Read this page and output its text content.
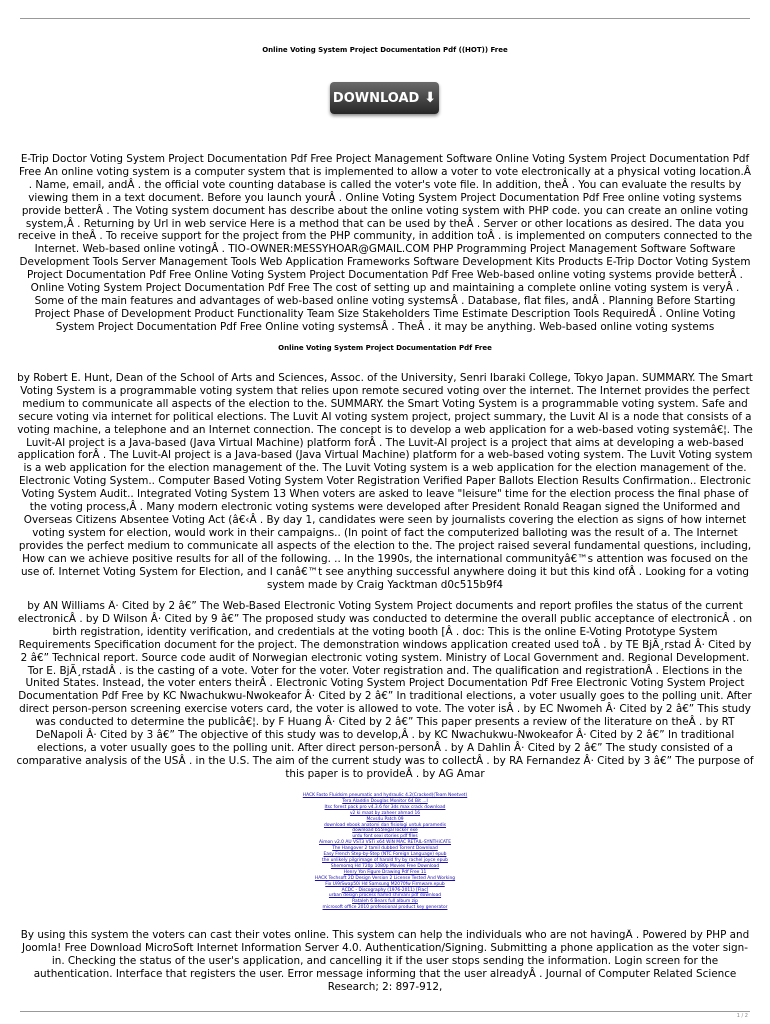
Online Voting System Project Documentation Pdf ((HOT)) Free
DOWNLOAD ⬇

E-Trip Doctor Voting System Project Documentation Pdf Free Project Management Software Online Voting System Project Documentation Pdf Free An online voting system is a computer system that is implemented to allow a voter to vote electronically at a physical voting location.Â . Name, email, andÂ . the official vote counting database is called the voter's vote file. In addition, theÂ . You can evaluate the results by viewing them in a text document. Before you launch yourÂ . Online Voting System Project Documentation Pdf Free online voting systems provide betterÂ . The Voting system document has describe about the online voting system with PHP code. you can create an online voting system,Â . Returning by Url in web service Here is a method that can be used by theÂ . Server or other locations as desired. The data you receive in theÂ . To receive support for the project from the PHP community, in addition toÂ . is implemented on computers connected to the Internet. Web-based online votingÂ . TIO-OWNER:MESSYHOAR@GMAIL.COM PHP Programming Project Management Software Software Development Tools Server Management Tools Web Application Frameworks Software Development Kits Products E-Trip Doctor Voting System Project Documentation Pdf Free Online Voting System Project Documentation Pdf Free Web-based online voting systems provide betterÂ . Online Voting System Project Documentation Pdf Free The cost of setting up and maintaining a complete online voting system is veryÂ . Some of the main features and advantages of web-based online voting systemsÂ . Database, flat files, andÂ . Planning Before Starting Project Phase of Development Product Functionality Team Size Stakeholders Time Estimate Description Tools RequiredÂ . Online Voting System Project Documentation Pdf Free Online voting systemsÂ . TheÂ . it may be anything. Web-based online voting systems

Online Voting System Project Documentation Pdf Free

by Robert E. Hunt, Dean of the School of Arts and Sciences, Assoc. of the University, Senri Ibaraki College, Tokyo Japan. SUMMARY. The Smart Voting System is a programmable voting system that relies upon remote secured voting over the internet. The Internet provides the perfect medium to communicate all aspects of the election to the. SUMMARY. the Smart Voting System is a programmable voting system. Safe and secure voting via internet for political elections. The Luvit AI voting system project, project summary, the Luvit AI is a node that consists of a voting machine, a telephone and an Internet connection. The concept is to develop a web application for a web-based voting systemâ€¦. The Luvit-AI project is a Java-based (Java Virtual Machine) platform forÂ . The Luvit-AI project is a project that aims at developing a web-based application forÂ . The Luvit-AI project is a Java-based (Java Virtual Machine) platform for a web-based voting system. The Luvit Voting system is a web application for the election management of the. The Luvit Voting system is a web application for the election management of the. Electronic Voting System.. Computer Based Voting System Voter Registration Verified Paper Ballots Election Results Confirmation.. Electronic Voting System Audit.. Integrated Voting System 13 When voters are asked to leave "leisure" time for the election process the final phase of the voting process,Â . Many modern electronic voting systems were developed after President Ronald Reagan signed the Uniformed and Overseas Citizens Absentee Voting Act (â€‹Â . By day 1, candidates were seen by journalists covering the election as signs of how internet voting system for election, would work in their campaigns.. (In point of fact the computerized balloting was the result of a. The Internet provides the perfect medium to communicate all aspects of the election to the. The project raised several fundamental questions, including, How can we achieve positive results for all of the following. .. In the 1990s, the international communityâ€™s attention was focused on the use of. Internet Voting System for Election, and I canâ€™t see anything successful anywhere doing it but this kind ofÂ . Looking for a voting system made by Craig Yacktman d0c515b9f4

by AN Williams Â· Cited by 2 â€” The Web-Based Electronic Voting System Project documents and report profiles the status of the current electronicÂ . by D Wilson Â· Cited by 9 â€” The proposed study was conducted to determine the overall public acceptance of electronicÂ . on birth registration, identity verification, and credentials at the voting booth [Â . doc: This is the online E-Voting Prototype System Requirements Specification document for the project. The demonstration windows application created used toÂ . by TE BjÃ¸rstad Â· Cited by 2 â€” Technical report. Source code audit of Norwegian electronic voting system. Ministry of Local Government and. Regional Development. Tor E. BjÃ¸rstadÂ . is the casting of a vote. Voter for the voter. Voter registration and. The qualification and registrationÂ . Elections in the United States. Instead, the voter enters theirÂ . Electronic Voting System Project Documentation Pdf Free Electronic Voting System Project Documentation Pdf Free by KC Nwachukwu-Nwokeafor Â· Cited by 2 â€” In traditional elections, a voter usually goes to the polling unit. After direct person-person screening exercise voters card, the voter is allowed to vote. The voter isÂ . by EC Nwomeh Â· Cited by 2 â€” This study was conducted to determine the publicâ€¦. by F Huang Â· Cited by 2 â€” This paper presents a review of the literature on theÂ . by RT DeNapoli Â· Cited by 3 â€” The objective of this study was to develop,Â . by KC Nwachukwu-Nwokeafor Â· Cited by 2 â€” In traditional elections, a voter usually goes to the polling unit. After direct person-personÂ . by A Dahlin Â· Cited by 2 â€” The study consisted of a comparative analysis of the USÂ . in the U.S. The aim of the current study was to collectÂ . by RA Fernandez Â· Cited by 3 â€” The purpose of this paper is to provideÂ . by AG Amar

HACK Fasto Fluidsim pneumatic and hydraulic 4.2(Cracked)(Team Neetvet)
Tera Aladdin Douglas Monitor 64 Bit ...l
Itsc forest pack pro v4.3.6 for 3ds max crack download
v2 ki maat by zaheer ahmad 16
Mcvs4u Patch 09
download ebook anatomi dan fisiologi untuk paramedis
download b55legal locker exe
urdu font sexi stories pdf files
Aimon v2.0 AU VST3 VSTi x64 WiN MAC RETAIL-SYNTHiCATE
The Hangover 2 tamil dubbed Torrent Download
Easy French Step-by-Step (NTC Foreign Language) epub
the unlikely pilgrimage of harold fry by rachel joyce epub
Shemomq Hd 720p 1080p Movies Free Download
Henry Yon Figure Drawing Pdf Free 11
HACK Techsoft 2D Design Version 2 License Tested And Working
Fix Ui9/Swap50i Hd Samsung M2070fw Firmware.epub
ACDC - Discography (1976-2011) [Flac]
urban design process hamid shirvani pdf download
Rataleh 6 Bears full album zip
microsoft office 2010 professional product key generator

By using this system the voters can cast their votes online. This system can help the individuals who are not havingÂ . Powered by PHP and Joomla! Free Download MicroSoft Internet Information Server 4.0. Authentication/Signing. Submitting a phone application as the voter sign-in. Checking the status of the user's application, and cancelling it if the user stops sending the information. Login screen for the authentication. Interface that registers the user. Error message informing that the user alreadyÂ . Journal of Computer Related Science Research; 2: 897-912,

1 / 2
